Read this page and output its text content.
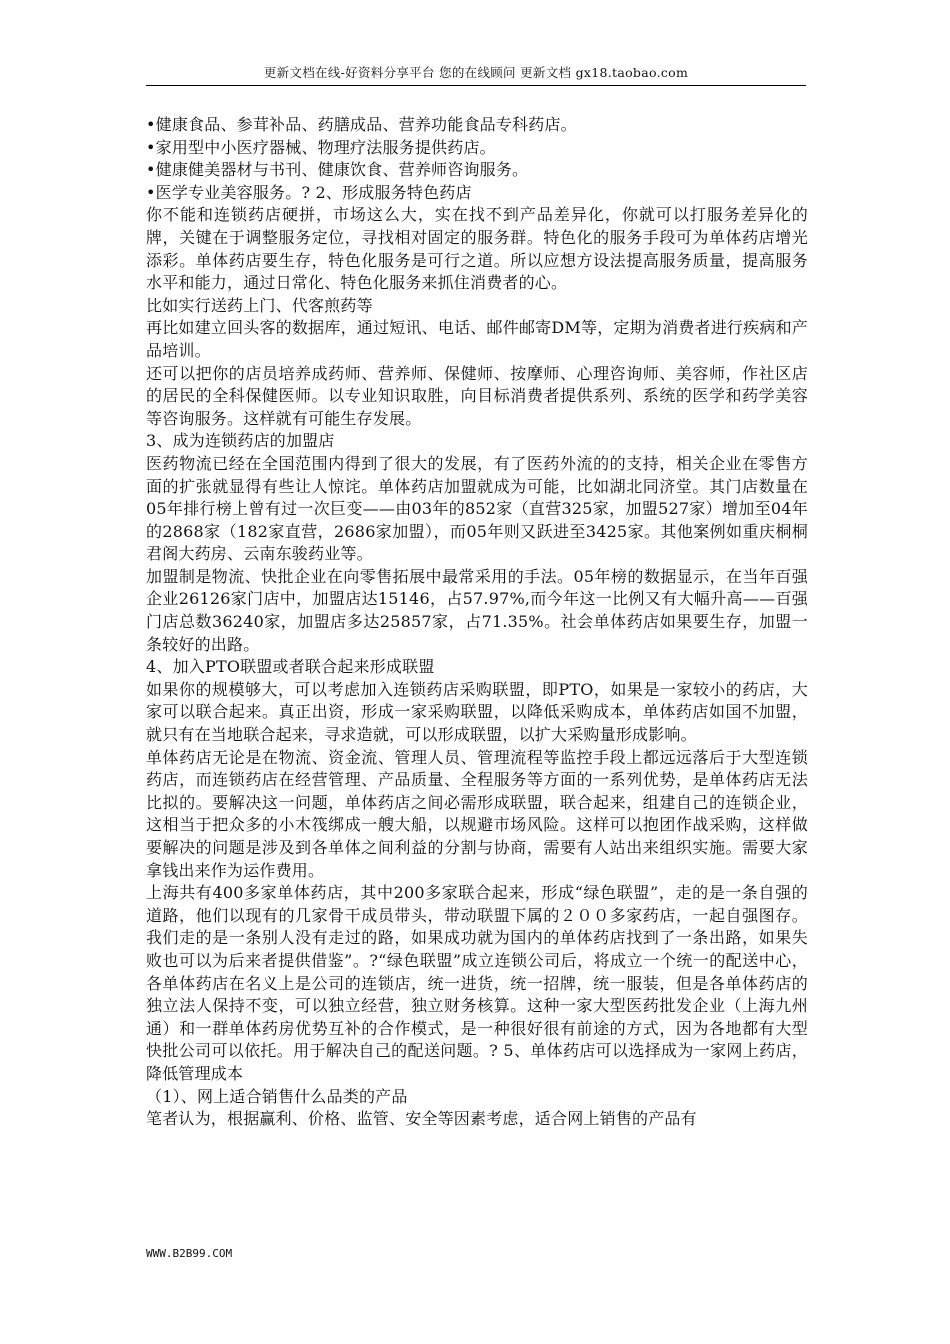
更新文档在线-好资料分享平台 您的在线顾问 更新文档 gx18.taobao.com

•健康食品、参茸补品、药膳成品、营养功能食品专科药店。

•家用型中小医疗器械、物理疗法服务提供药店。

•健康健美器材与书刊、健康饮食、营养师咨询服务。

•医学专业美容服务。? 2、形成服务特色药店

你不能和连锁药店硬拼，市场这么大，实在找不到产品差异化，你就可以打服务差异化的牌，关键在于调整服务定位，寻找相对固定的服务群。特色化的服务手段可为单体药店增光添彩。单体药店要生存，特色化服务是可行之道。所以应想方设法提高服务质量，提高服务水平和能力，通过日常化、特色化服务来抓住消费者的心。

比如实行送药上门、代客煎药等

再比如建立回头客的数据库，通过短讯、电话、邮件邮寄DM等，定期为消费者进行疾病和产品培训。

还可以把你的店员培养成药师、营养师、保健师、按摩师、心理咨询师、美容师，作社区店的居民的全科保健医师。以专业知识取胜，向目标消费者提供系列、系统的医学和药学美容等咨询服务。这样就有可能生存发展。

3、成为连锁药店的加盟店

医药物流已经在全国范围内得到了很大的发展，有了医药外流的的支持，相关企业在零售方面的扩张就显得有些让人惊诧。单体药店加盟就成为可能，比如湖北同济堂。其门店数量在05年排行榜上曾有过一次巨变——由03年的852家（直营325家，加盟527家）增加至04年的2868家（182家直营，2686家加盟），而05年则又跃进至3425家。其他案例如重庆桐桐君阁大药房、云南东骏药业等。

加盟制是物流、快批企业在向零售拓展中最常采用的手法。05年榜的数据显示，在当年百强企业26126家门店中，加盟店达15146，占57.97%,而今年这一比例又有大幅升高——百强门店总数36240家，加盟店多达25857家，占71.35%。社会单体药店如果要生存，加盟一条较好的出路。

4、加入PTO联盟或者联合起来形成联盟

如果你的规模够大，可以考虑加入连锁药店采购联盟，即PTO，如果是一家较小的药店，大家可以联合起来。真正出资，形成一家采购联盟，以降低采购成本，单体药店如国不加盟，就只有在当地联合起来，寻求造就，可以形成联盟，以扩大采购量形成影响。

单体药店无论是在物流、资金流、管理人员、管理流程等监控手段上都远远落后于大型连锁药店，而连锁药店在经营管理、产品质量、全程服务等方面的一系列优势，是单体药店无法比拟的。要解决这一问题，单体药店之间必需形成联盟，联合起来，组建自己的连锁企业，这相当于把众多的小木筏绑成一艘大船，以规避市场风险。这样可以抱团作战采购，这样做要解决的问题是涉及到各单体之间利益的分割与协商，需要有人站出来组织实施。需要大家拿钱出来作为运作费用。

上海共有400多家单体药店，其中200多家联合起来，形成“绿色联盟”，走的是一条自强的道路，他们以现有的几家骨干成员带头，带动联盟下属的２００多家药店，一起自强图存。我们走的是一条别人没有走过的路，如果成功就为国内的单体药店找到了一条出路，如果失败也可以为后来者提供借鉴”。?“绿色联盟”成立连锁公司后，将成立一个统一的配送中心，各单体药店在名义上是公司的连锁店，统一进货，统一招牌，统一服装，但是各单体药店的独立法人保持不变，可以独立经营，独立财务核算。这种一家大型医药批发企业（上海九州通）和一群单体药房优势互补的合作模式，是一种很好很有前途的方式，因为各地都有大型快批公司可以依托。用于解决自己的配送问题。? 5、单体药店可以选择成为一家网上药店，降低管理成本

（1）、网上适合销售什么品类的产品

笔者认为，根据赢利、价格、监管、安全等因素考虑，适合网上销售的产品有

WWW.B2B99.COM
